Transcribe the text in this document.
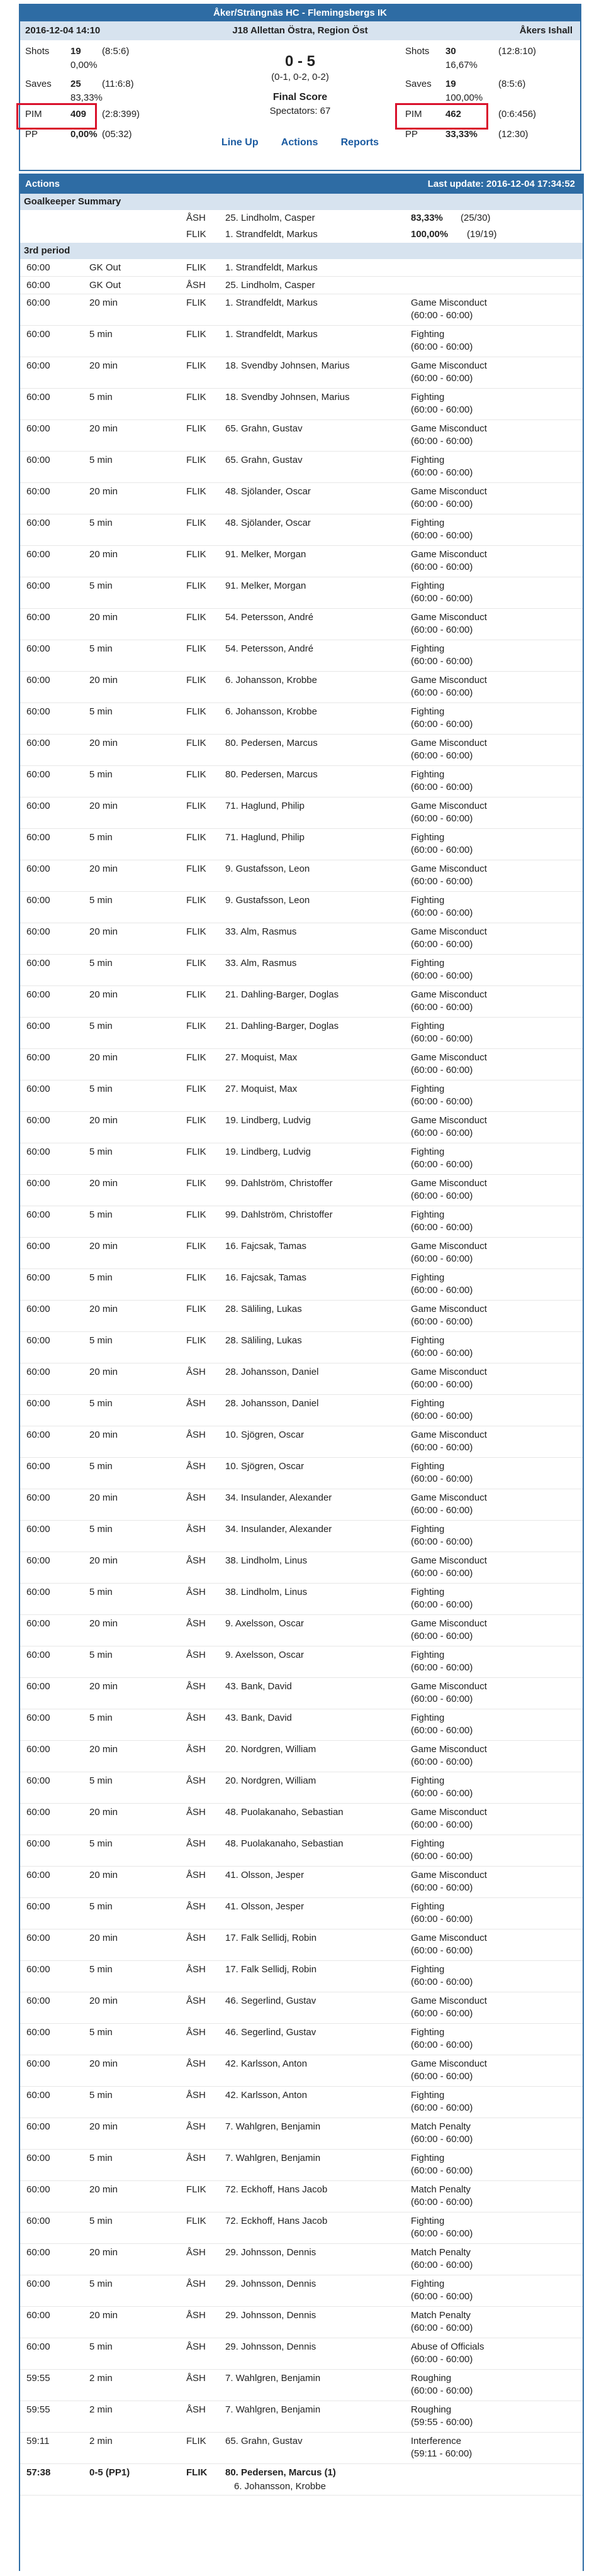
Åker/Strängnäs HC - Flemingsbergs IK
2016-12-04 14:10	J18 Allettan Östra, Region Öst	Åkers Ishall
Shots 19 (8:5:6)
0,00%
Saves 25 (11:6:8)
83,33%
PIM	409 (2:8:399)
PP	0,00% (05:32)
0 - 5
(0-1, 0-2, 0-2)
Final Score
Spectators: 67
Line Up Actions Reports
Shots 30	(12:8:10)
16,67%
Saves 19	(8:5:6)
100,00%
PIM 462	(0:6:456)
PP	33,33% (12:30)
Actions	Last update: 2016-12-04 17:34:52
Goalkeeper Summary
ÅSH 25. Lindholm, Casper	83,33% (25/30)
FLIK 1. Strandfeldt, Markus	100,00% (19/19)
3rd period
60:00	GK Out	FLIK 1. Strandfeldt, Markus
60:00	GK Out	ÅSH 25. Lindholm, Casper
60:00	20 min	FLIK 1. Strandfeldt, Markus	Game Misconduct
(60:00 - 60:00)
60:00	5 min	FLIK 1. Strandfeldt, Markus	Fighting
(60:00 - 60:00)
60:00	20 min	FLIK 18. Svendby Johnsen, Marius	Game Misconduct
(60:00 - 60:00)
60:00	5 min	FLIK 18. Svendby Johnsen, Marius	Fighting
(60:00 - 60:00)
60:00	20 min	FLIK 65. Grahn, Gustav	Game Misconduct
(60:00 - 60:00)
60:00	5 min	FLIK 65. Grahn, Gustav	Fighting
(60:00 - 60:00)
60:00	20 min	FLIK 48. Sjölander, Oscar	Game Misconduct
(60:00 - 60:00)
60:00	5 min	FLIK 48. Sjölander, Oscar	Fighting
(60:00 - 60:00)
60:00	20 min	FLIK 91. Melker, Morgan	Game Misconduct
(60:00 - 60:00)
60:00	5 min	FLIK 91. Melker, Morgan	Fighting
(60:00 - 60:00)
60:00	20 min	FLIK 54. Petersson, André	Game Misconduct
(60:00 - 60:00)
60:00	5 min	FLIK 54. Petersson, André	Fighting
(60:00 - 60:00)
60:00	20 min	FLIK 6. Johansson, Krobbe	Game Misconduct
(60:00 - 60:00)
60:00	5 min	FLIK 6. Johansson, Krobbe	Fighting
(60:00 - 60:00)
60:00	20 min	FLIK 80. Pedersen, Marcus	Game Misconduct
(60:00 - 60:00)
60:00	5 min	FLIK 80. Pedersen, Marcus	Fighting
(60:00 - 60:00)
60:00	20 min	FLIK 71. Haglund, Philip	Game Misconduct
(60:00 - 60:00)
60:00	5 min	FLIK 71. Haglund, Philip	Fighting
(60:00 - 60:00)
60:00	20 min	FLIK 9. Gustafsson, Leon	Game Misconduct
(60:00 - 60:00)
60:00	5 min	FLIK 9. Gustafsson, Leon	Fighting
(60:00 - 60:00)
60:00	20 min	FLIK 33. Alm, Rasmus	Game Misconduct
(60:00 - 60:00)
60:00	5 min	FLIK 33. Alm, Rasmus	Fighting
(60:00 - 60:00)
60:00	20 min	FLIK 21. Dahling-Barger, Doglas	Game Misconduct
(60:00 - 60:00)
60:00	5 min	FLIK 21. Dahling-Barger, Doglas	Fighting
(60:00 - 60:00)
60:00	20 min	FLIK 27. Moquist, Max	Game Misconduct
(60:00 - 60:00)
60:00	5 min	FLIK 27. Moquist, Max	Fighting
(60:00 - 60:00)
60:00	20 min	FLIK 19. Lindberg, Ludvig	Game Misconduct
(60:00 - 60:00)
60:00	5 min	FLIK 19. Lindberg, Ludvig	Fighting
(60:00 - 60:00)
60:00	20 min	FLIK 99. Dahlström, Christoffer	Game Misconduct
(60:00 - 60:00)
60:00	5 min	FLIK 99. Dahlström, Christoffer	Fighting
(60:00 - 60:00)
60:00	20 min	FLIK 16. Fajcsak, Tamas	Game Misconduct
(60:00 - 60:00)
60:00	5 min	FLIK 16. Fajcsak, Tamas	Fighting
(60:00 - 60:00)
60:00	20 min	FLIK 28. Säliling, Lukas	Game Misconduct
(60:00 - 60:00)
60:00	5 min	FLIK 28. Säliling, Lukas	Fighting
(60:00 - 60:00)
60:00	20 min	ÅSH 28. Johansson, Daniel	Game Misconduct
(60:00 - 60:00)
60:00	5 min	ÅSH 28. Johansson, Daniel	Fighting
(60:00 - 60:00)
60:00	20 min	ÅSH 10. Sjögren, Oscar	Game Misconduct
(60:00 - 60:00)
60:00	5 min	ÅSH 10. Sjögren, Oscar	Fighting
(60:00 - 60:00)
60:00	20 min	ÅSH 34. Insulander, Alexander	Game Misconduct
(60:00 - 60:00)
60:00	5 min	ÅSH 34. Insulander, Alexander	Fighting
(60:00 - 60:00)
60:00	20 min	ÅSH 38. Lindholm, Linus	Game Misconduct
(60:00 - 60:00)
60:00	5 min	ÅSH 38. Lindholm, Linus	Fighting
(60:00 - 60:00)
60:00	20 min	ÅSH 9. Axelsson, Oscar	Game Misconduct
(60:00 - 60:00)
60:00	5 min	ÅSH 9. Axelsson, Oscar	Fighting
(60:00 - 60:00)
60:00	20 min	ÅSH 43. Bank, David	Game Misconduct
(60:00 - 60:00)
60:00	5 min	ÅSH 43. Bank, David	Fighting
(60:00 - 60:00)
60:00	20 min	ÅSH 20. Nordgren, William	Game Misconduct
(60:00 - 60:00)
60:00	5 min	ÅSH 20. Nordgren, William	Fighting
(60:00 - 60:00)
60:00	20 min	ÅSH 48. Puolakanaho, Sebastian	Game Misconduct
(60:00 - 60:00)
60:00	5 min	ÅSH 48. Puolakanaho, Sebastian	Fighting
(60:00 - 60:00)
60:00	20 min	ÅSH 41. Olsson, Jesper	Game Misconduct
(60:00 - 60:00)
60:00	5 min	ÅSH 41. Olsson, Jesper	Fighting
(60:00 - 60:00)
60:00	20 min	ÅSH 17. Falk Sellidj, Robin	Game Misconduct
(60:00 - 60:00)
60:00	5 min	ÅSH 17. Falk Sellidj, Robin	Fighting
(60:00 - 60:00)
60:00	20 min	ÅSH 46. Segerlind, Gustav	Game Misconduct
(60:00 - 60:00)
60:00	5 min	ÅSH 46. Segerlind, Gustav	Fighting
(60:00 - 60:00)
60:00	20 min	ÅSH 42. Karlsson, Anton	Game Misconduct
(60:00 - 60:00)
60:00	5 min	ÅSH 42. Karlsson, Anton	Fighting
(60:00 - 60:00)
60:00	20 min	ÅSH 7. Wahlgren, Benjamin	Match Penalty
(60:00 - 60:00)
60:00	5 min	ÅSH 7. Wahlgren, Benjamin	Fighting
(60:00 - 60:00)
60:00	20 min	FLIK 72. Eckhoff, Hans Jacob	Match Penalty
(60:00 - 60:00)
60:00	5 min	FLIK 72. Eckhoff, Hans Jacob	Fighting
(60:00 - 60:00)
60:00	20 min	ÅSH 29. Johnsson, Dennis	Match Penalty
(60:00 - 60:00)
60:00	5 min	ÅSH 29. Johnsson, Dennis	Fighting
(60:00 - 60:00)
60:00	20 min	ÅSH 29. Johnsson, Dennis	Match Penalty
(60:00 - 60:00)
60:00	5 min	ÅSH 29. Johnsson, Dennis	Abuse of Officials
(60:00 - 60:00)
59:55	2 min	ÅSH 7. Wahlgren, Benjamin	Roughing
(60:00 - 60:00)
59:55	2 min	ÅSH 7. Wahlgren, Benjamin	Roughing
(59:55 - 60:00)
59:11	2 min	FLIK 65. Grahn, Gustav	Interference
(59:11 - 60:00)
57:38	0-5 (PP1)	FLIK 80. Pedersen, Marcus (1)
6. Johansson, Krobbe
